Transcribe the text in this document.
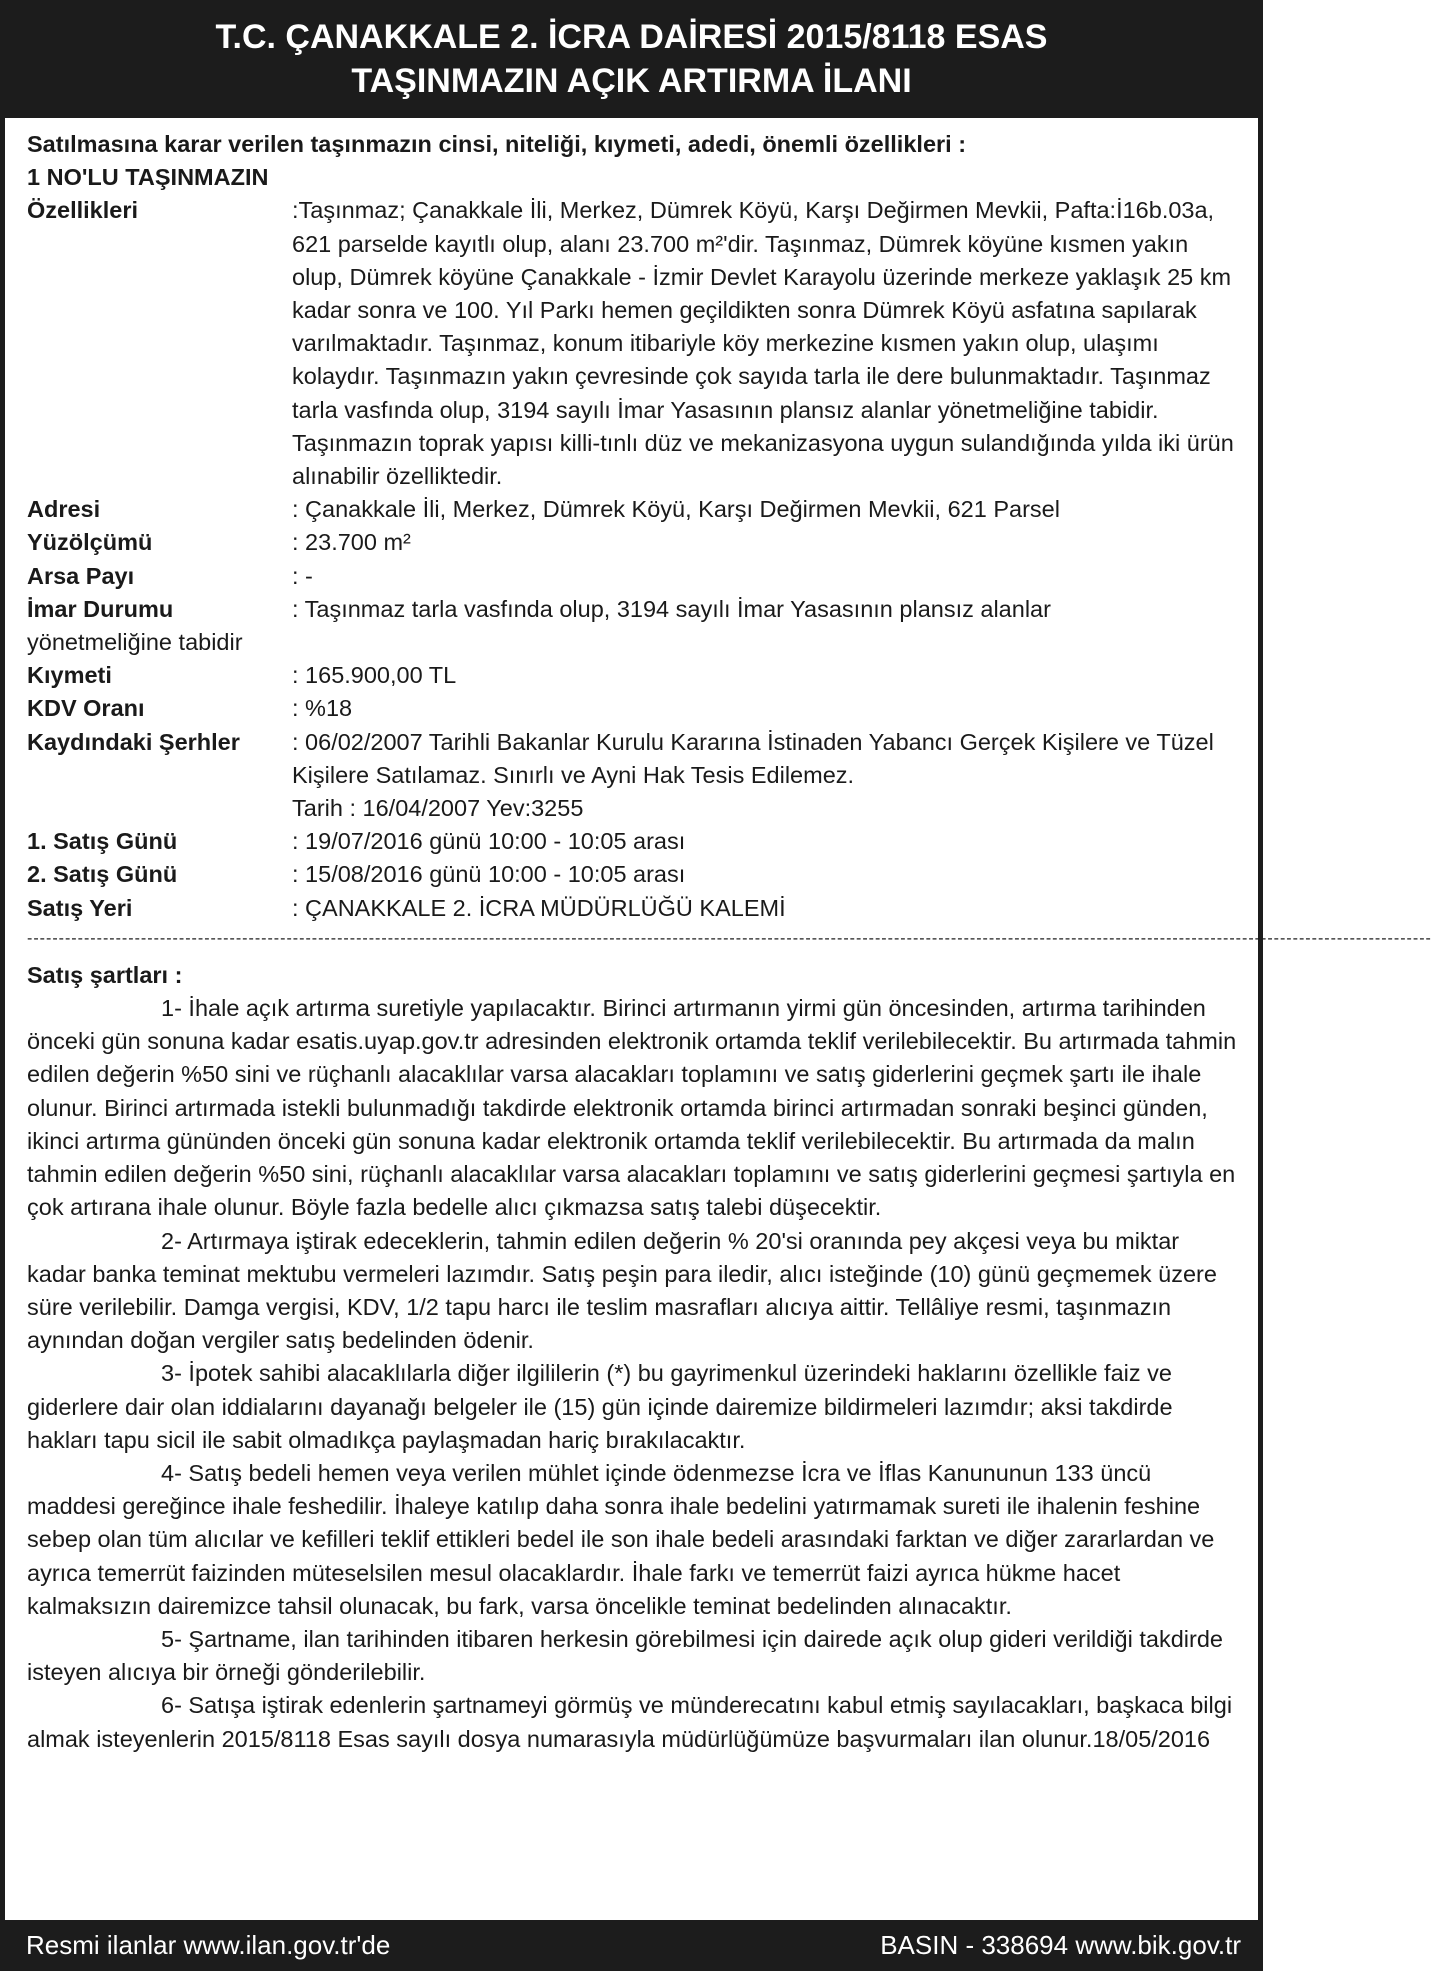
T.C. ÇANAKKALE 2. İCRA DAİRESİ 2015/8118 ESAS
TAŞINMAZIN AÇIK ARTIRMA İLANI
Satılmasına karar verilen taşınmazın cinsi, niteliği, kıymeti, adedi, önemli özellikleri :
1 NO'LU TAŞINMAZIN
Özellikleri	:Taşınmaz; Çanakkale İli, Merkez, Dümrek Köyü, Karşı Değirmen Mevkii, Pafta:İ16b.03a, 621 parselde kayıtlı olup, alanı 23.700 m²'dir. Taşınmaz, Dümrek köyüne kısmen yakın olup, Dümrek köyüne Çanakkale - İzmir Devlet Karayolu üzerinde merkeze yaklaşık 25 km kadar sonra ve 100. Yıl Parkı hemen geçildikten sonra Dümrek Köyü asfatına sapılarak varılmaktadır. Taşınmaz, konum itibariyle köy merkezine kısmen yakın olup, ulaşımı kolaydır. Taşınmazın yakın çevresinde çok sayıda tarla ile dere bulunmaktadır. Taşınmaz tarla vasfında olup, 3194 sayılı İmar Yasasının plansız alanlar yönetmeliğine tabidir. Taşınmazın toprak yapısı killi-tınlı düz ve mekanizasyona uygun sulandığında yılda iki ürün alınabilir özelliktedir.
Adresi	: Çanakkale İli, Merkez, Dümrek Köyü, Karşı Değirmen Mevkii, 621 Parsel
Yüzölçümü	: 23.700 m²
Arsa Payı	: -
İmar Durumu	: Taşınmaz tarla vasfında olup, 3194 sayılı İmar Yasasının plansız alanlar
yönetmeliğine tabidir
Kıymeti	: 165.900,00 TL
KDV Oranı	: %18
Kaydındaki Şerhler	: 06/02/2007 Tarihli Bakanlar Kurulu Kararına İstinaden Yabancı Gerçek Kişilere ve Tüzel Kişilere Satılamaz. Sınırlı ve Ayni Hak Tesis Edilemez.
Tarih : 16/04/2007 Yev:3255
1. Satış Günü	: 19/07/2016 günü 10:00 - 10:05 arası
2. Satış Günü	: 15/08/2016 günü 10:00 - 10:05 arası
Satış Yeri	: ÇANAKKALE 2. İCRA MÜDÜRLÜĞÜ KALEMİ
------------------------------------------------------------------------------------------------------------------------------------------------------------------------------------------------------------------------------
Satış şartları :

1- İhale açık artırma suretiyle yapılacaktır. Birinci artırmanın yirmi gün öncesinden, artırma tarihinden önceki gün sonuna kadar esatis.uyap.gov.tr adresinden elektronik ortamda teklif verilebilecektir. Bu artırmada tahmin edilen değerin %50 sini ve rüçhanlı alacaklılar varsa alacakları toplamını ve satış giderlerini geçmek şartı ile ihale olunur. Birinci artırmada istekli bulunmadığı takdirde elektronik ortamda birinci artırmadan sonraki beşinci günden, ikinci artırma gününden önceki gün sonuna kadar elektronik ortamda teklif verilebilecektir. Bu artırmada da malın tahmin edilen değerin %50 sini, rüçhanlı alacaklılar varsa alacakları toplamını ve satış giderlerini geçmesi şartıyla en çok artırana ihale olunur. Böyle fazla bedelle alıcı çıkmazsa satış talebi düşecektir.

2- Artırmaya iştirak edeceklerin, tahmin edilen değerin % 20'si oranında pey akçesi veya bu miktar kadar banka teminat mektubu vermeleri lazımdır. Satış peşin para iledir, alıcı isteğinde (10) günü geçmemek üzere süre verilebilir. Damga vergisi, KDV, 1/2 tapu harcı ile teslim masrafları alıcıya aittir. Tellâliye resmi, taşınmazın aynından doğan vergiler satış bedelinden ödenir.

3- İpotek sahibi alacaklılarla diğer ilgililerin (*) bu gayrimenkul üzerindeki haklarını özellikle faiz ve giderlere dair olan iddialarını dayanağı belgeler ile (15) gün içinde dairemize bildirmeleri lazımdır; aksi takdirde hakları tapu sicil ile sabit olmadıkça paylaşmadan hariç bırakılacaktır.

4- Satış bedeli hemen veya verilen mühlet içinde ödenmezse İcra ve İflas Kanununun 133 üncü maddesi gereğince ihale feshedilir. İhaleye katılıp daha sonra ihale bedelini yatırmamak sureti ile ihalenin feshine sebep olan tüm alıcılar ve kefilleri teklif ettikleri bedel ile son ihale bedeli arasındaki farktan ve diğer zararlardan ve ayrıca temerrüt faizinden müteselsilen mesul olacaklardır. İhale farkı ve temerrüt faizi ayrıca hükme hacet kalmaksızın dairemizce tahsil olunacak, bu fark, varsa öncelikle teminat bedelinden alınacaktır.

5- Şartname, ilan tarihinden itibaren herkesin görebilmesi için dairede açık olup gideri verildiği takdirde isteyen alıcıya bir örneği gönderilebilir.

6- Satışa iştirak edenlerin şartnameyi görmüş ve münderecatını kabul etmiş sayılacakları, başkaca bilgi almak isteyenlerin 2015/8118 Esas sayılı dosya numarasıyla müdürlüğümüze başvurmaları ilan olunur.18/05/2016

Resmi ilanlar www.ilan.gov.tr'de	BASIN - 338694 www.bik.gov.tr
